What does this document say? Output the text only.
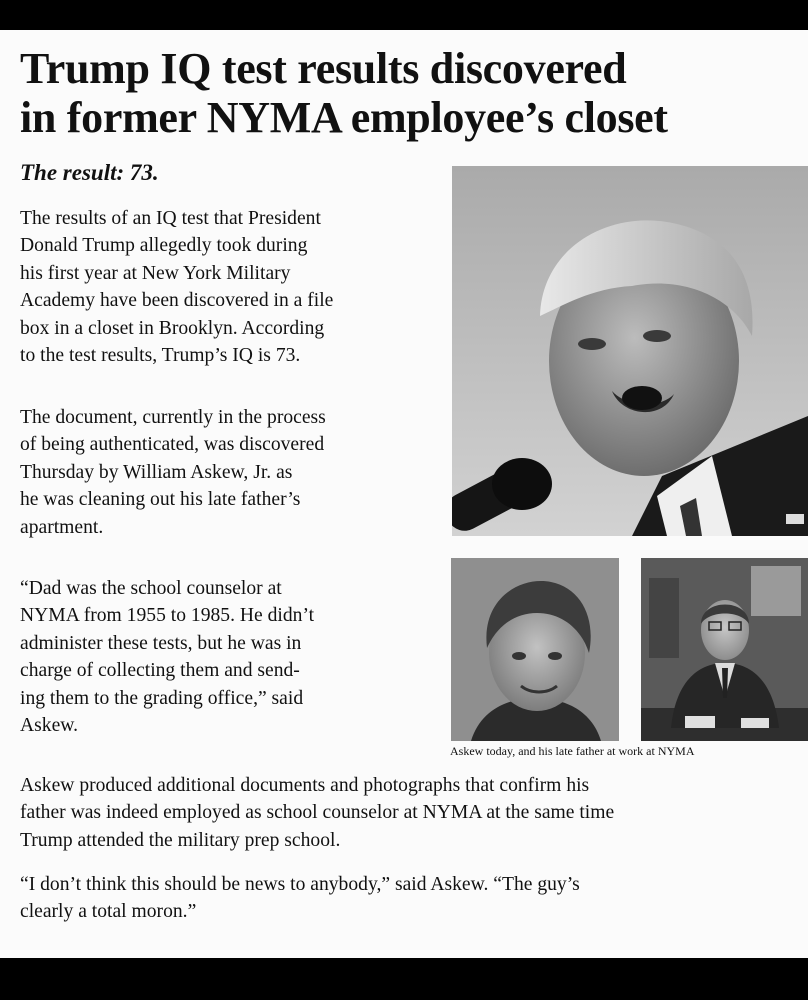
Trump IQ test results discovered
in former NYMA employee’s closet
The result: 73.

The results of an IQ test that President
Donald Trump allegedly took during
his first year at New York Military
Academy have been discovered in a file
box in a closet in Brooklyn. According
to the test results, Trump’s IQ is 73.

The document, currently in the process
of being authenticated, was discovered
Thursday by William Askew, Jr. as
he was cleaning out his late father’s
apartment.

“Dad was the school counselor at
NYMA from 1955 to 1985. He didn’t
administer these tests, but he was in
charge of collecting them and send-
ing them to the grading office,” said
Askew.

Askew produced additional documents and photographs that confirm his
father was indeed employed as school counselor at NYMA at the same time
Trump attended the military prep school.

“I don’t think this should be news to anybody,” said Askew. “The guy’s
clearly a total moron.”

Askew today, and his late father at work at NYMA
